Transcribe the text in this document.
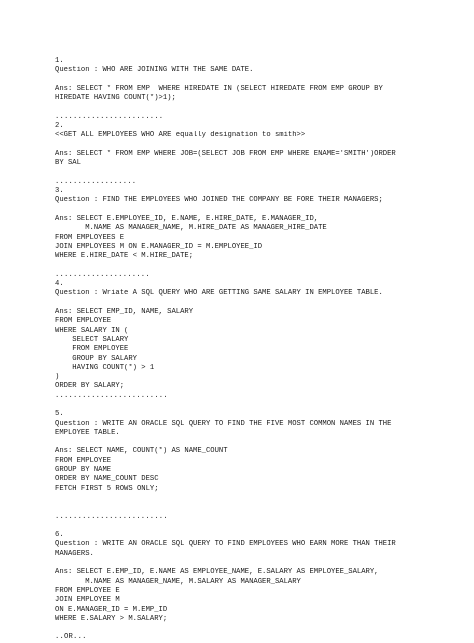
1.
Question : WHO ARE JOINING WITH THE SAME DATE.
Ans: SELECT * FROM EMP  WHERE HIREDATE IN (SELECT HIREDATE FROM EMP GROUP BY
HIREDATE HAVING COUNT(*)>1);
........................
2.
<<GET ALL EMPLOYEES WHO ARE equally designation to smith>>
Ans: SELECT * FROM EMP WHERE JOB=(SELECT JOB FROM EMP WHERE ENAME='SMITH')ORDER
BY SAL
..................
3.
Question : FIND THE EMPLOYEES WHO JOINED THE COMPANY BE FORE THEIR MANAGERS;
Ans: SELECT E.EMPLOYEE_ID, E.NAME, E.HIRE_DATE, E.MANAGER_ID,
M.NAME AS MANAGER_NAME, M.HIRE_DATE AS MANAGER_HIRE_DATE
FROM EMPLOYEES E
JOIN EMPLOYEES M ON E.MANAGER_ID = M.EMPLOYEE_ID
WHERE E.HIRE_DATE < M.HIRE_DATE;
.....................
4.
Question : Wriate A SQL QUERY WHO ARE GETTING SAME SALARY IN EMPLOYEE TABLE.
Ans: SELECT EMP_ID, NAME, SALARY
FROM EMPLOYEE
WHERE SALARY IN (
SELECT SALARY
FROM EMPLOYEE
GROUP BY SALARY
HAVING COUNT(*) > 1
)
ORDER BY SALARY;
.........................
5.
Question : WRITE AN ORACLE SQL QUERY TO FIND THE FIVE MOST COMMON NAMES IN THE
EMPLOYEE TABLE.
Ans: SELECT NAME, COUNT(*) AS NAME_COUNT
FROM EMPLOYEE
GROUP BY NAME
ORDER BY NAME_COUNT DESC
FETCH FIRST 5 ROWS ONLY;
.........................
6.
Question : WRITE AN ORACLE SQL QUERY TO FIND EMPLOYEES WHO EARN MORE THAN THEIR
MANAGERS.
Ans: SELECT E.EMP_ID, E.NAME AS EMPLOYEE_NAME, E.SALARY AS EMPLOYEE_SALARY,
M.NAME AS MANAGER_NAME, M.SALARY AS MANAGER_SALARY
FROM EMPLOYEE E
JOIN EMPLOYEE M
ON E.MANAGER_ID = M.EMP_ID
WHERE E.SALARY > M.SALARY;
..OR...
